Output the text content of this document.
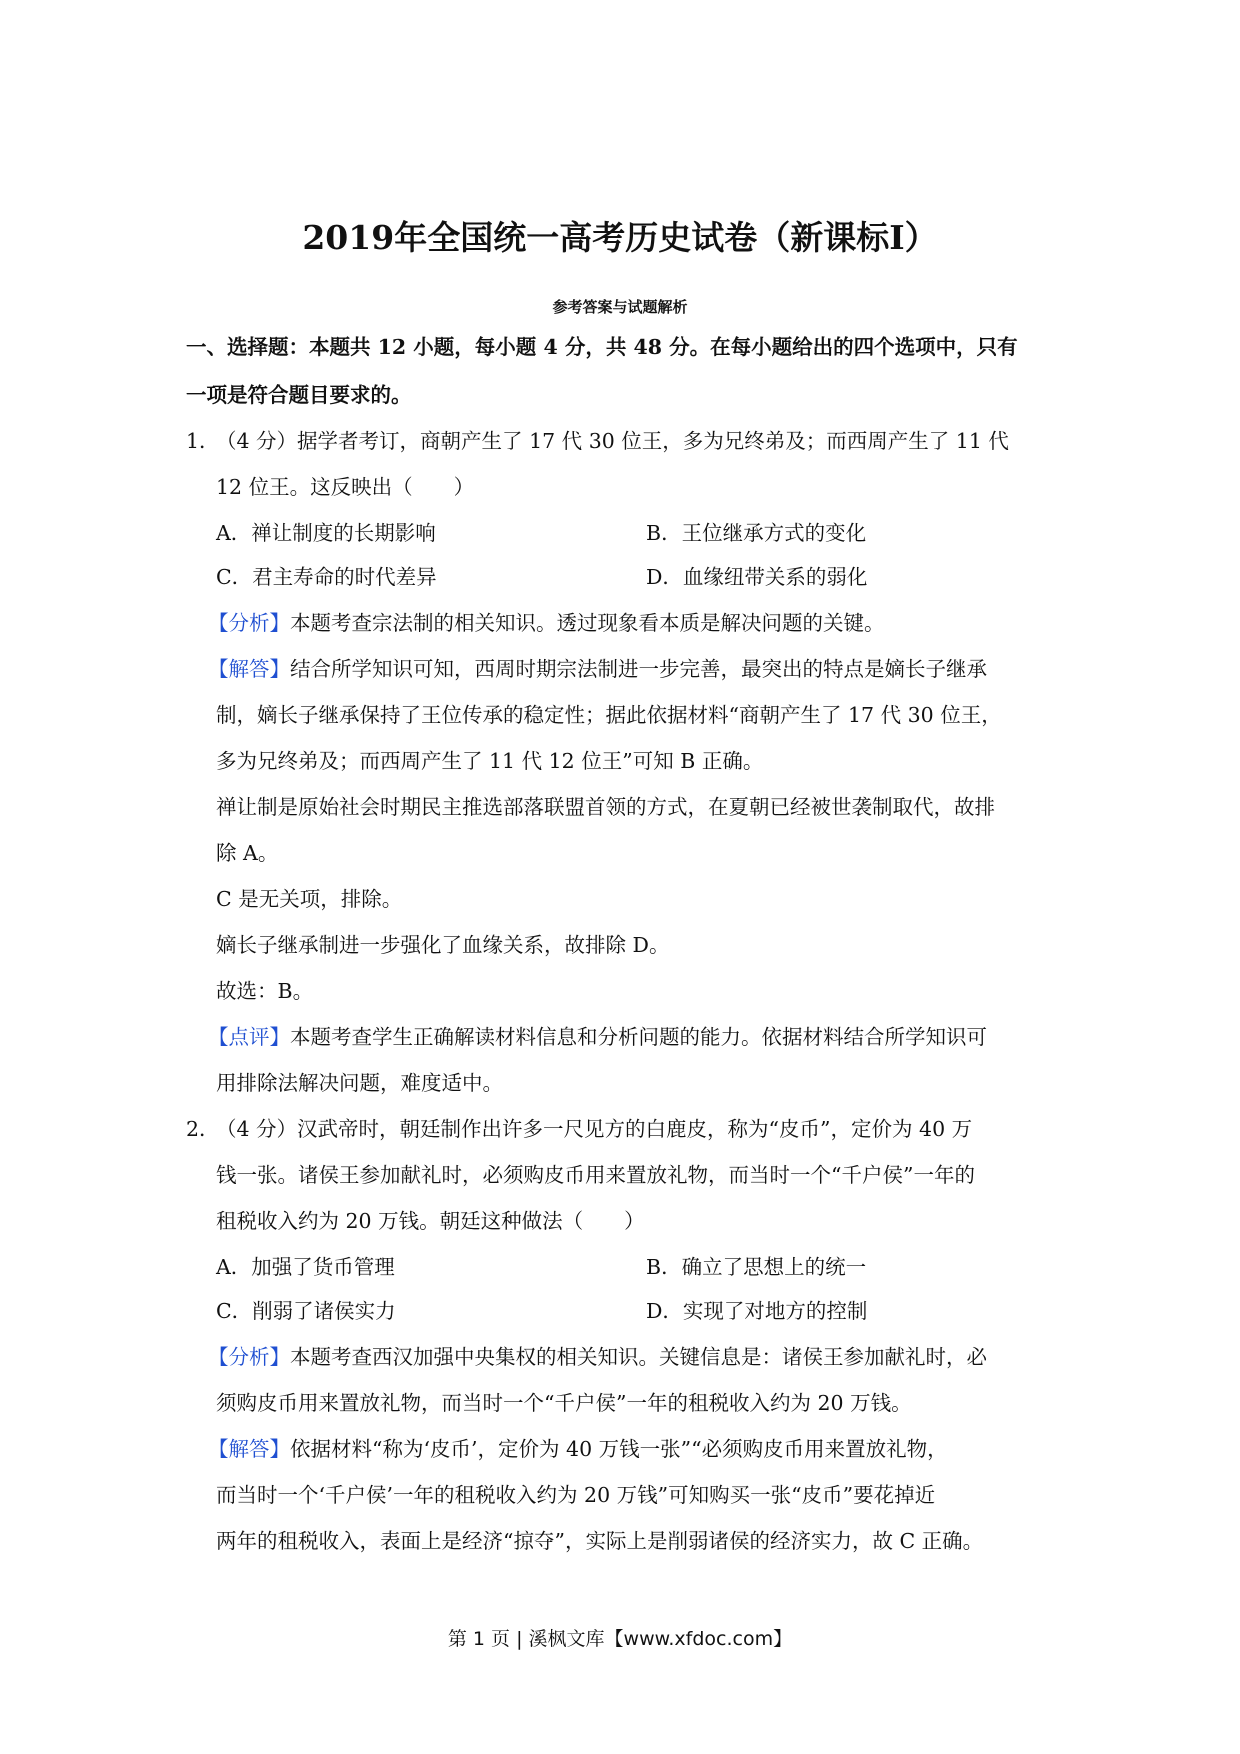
2019年全国统一高考历史试卷（新课标Ⅰ）
参考答案与试题解析
一、选择题：本题共 12 小题，每小题 4 分，共 48 分。在每小题给出的四个选项中，只有
一项是符合题目要求的。
1．
（4 分）据学者考订，商朝产生了 17 代 30 位王，多为兄终弟及；而西周产生了 11 代
12 位王。这反映出（　　）
A．禅让制度的长期影响	B．王位继承方式的变化
C．君主寿命的时代差异	D．血缘纽带关系的弱化
【分析】本题考查宗法制的相关知识。透过现象看本质是解决问题的关键。
【解答】结合所学知识可知，西周时期宗法制进一步完善，最突出的特点是嫡长子继承
制，嫡长子继承保持了王位传承的稳定性；据此依据材料“商朝产生了 17 代 30 位王，
多为兄终弟及；而西周产生了 11 代 12 位王”可知 B 正确。
禅让制是原始社会时期民主推选部落联盟首领的方式，在夏朝已经被世袭制取代，故排
除 A。
C 是无关项，排除。
嫡长子继承制进一步强化了血缘关系，故排除 D。
故选：B。
【点评】本题考查学生正确解读材料信息和分析问题的能力。依据材料结合所学知识可
用排除法解决问题，难度适中。
2．
（4 分）汉武帝时，朝廷制作出许多一尺见方的白鹿皮，称为“皮币”，定价为 40 万
钱一张。诸侯王参加献礼时，必须购皮币用来置放礼物，而当时一个“千户侯”一年的
租税收入约为 20 万钱。朝廷这种做法（　　）
A．加强了货币管理	B．确立了思想上的统一
C．削弱了诸侯实力	D．实现了对地方的控制
【分析】本题考查西汉加强中央集权的相关知识。关键信息是：诸侯王参加献礼时，必
须购皮币用来置放礼物，而当时一个“千户侯”一年的租税收入约为 20 万钱。
【解答】依据材料“称为‘皮币’，定价为 40 万钱一张”“必须购皮币用来置放礼物，
而当时一个‘千户侯’一年的租税收入约为 20 万钱”可知购买一张“皮币”要花掉近
两年的租税收入，表面上是经济“掠夺”，实际上是削弱诸侯的经济实力，故 C 正确。
第 1 页 | 溪枫文库【www.xfdoc.com】
